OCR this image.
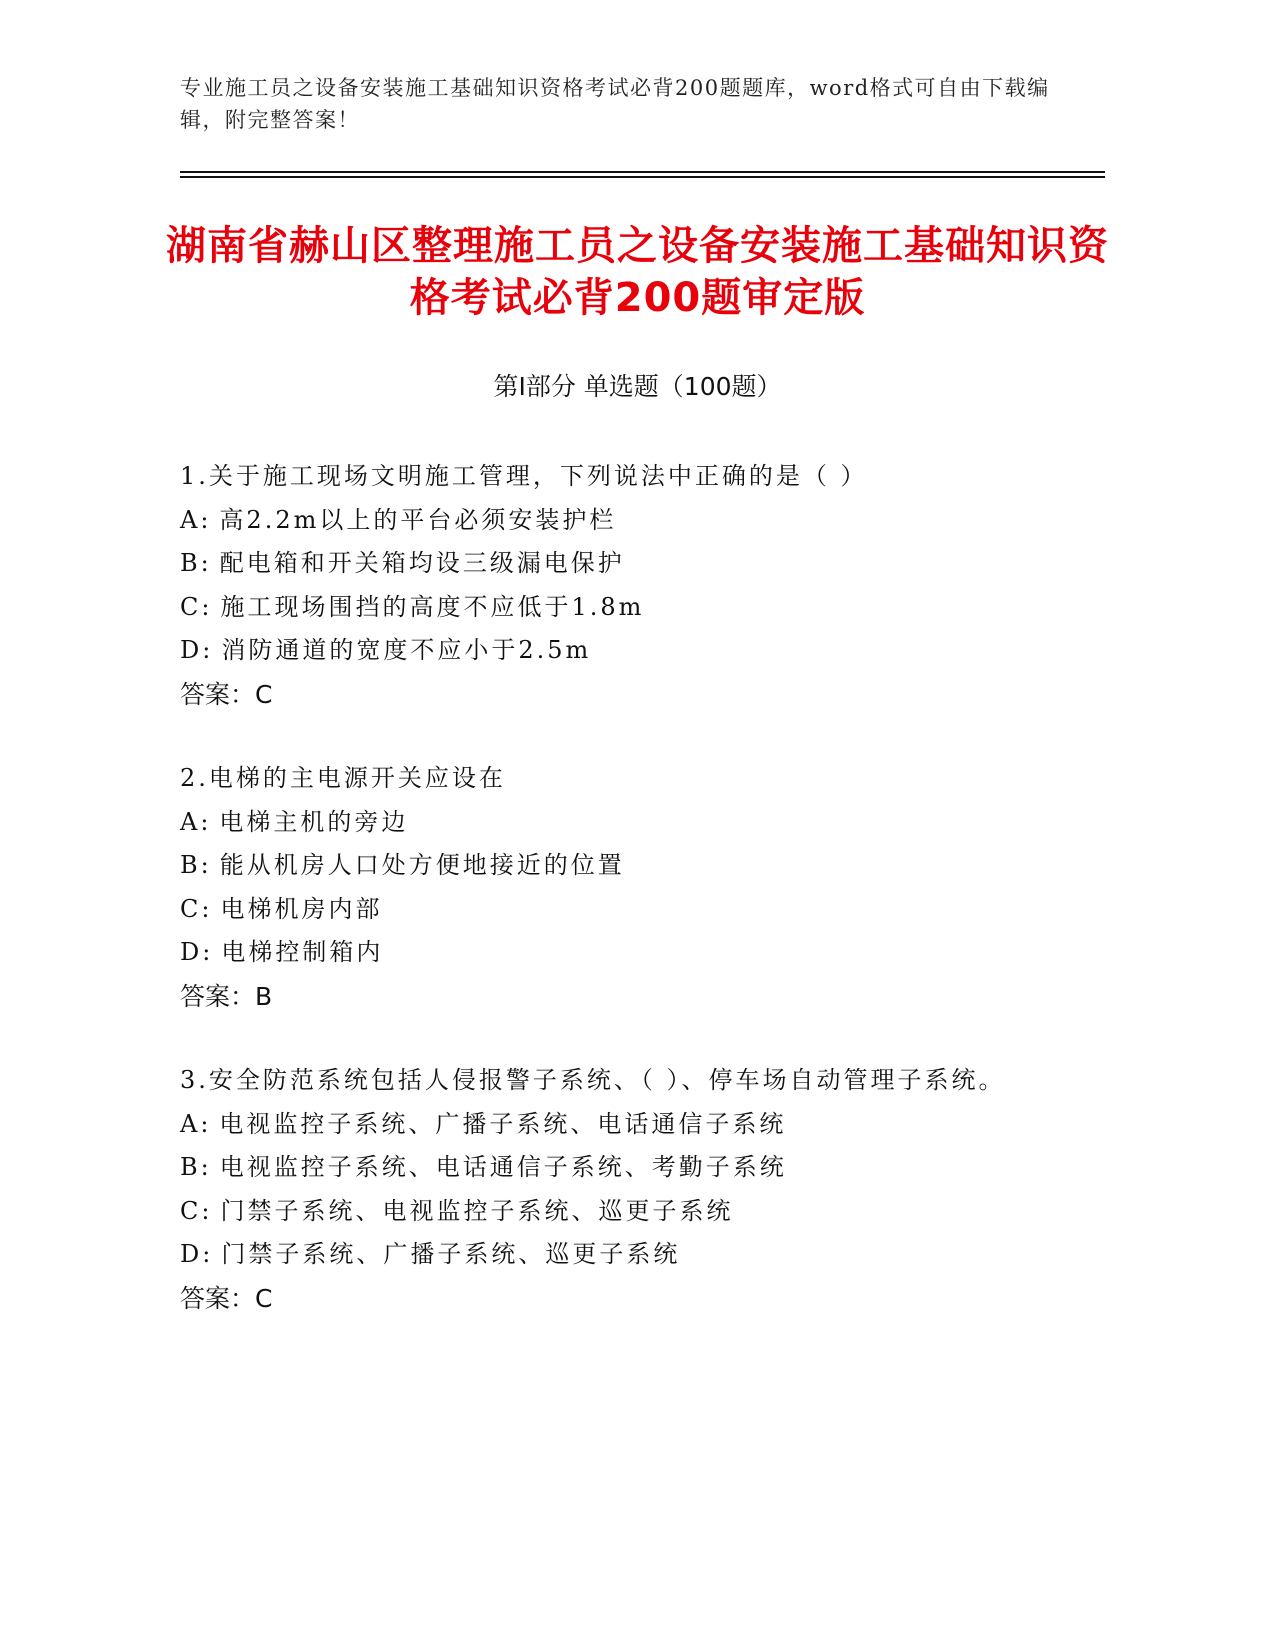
专业施工员之设备安装施工基础知识资格考试必背200题题库，word格式可自由下载编辑，附完整答案！
湖南省赫山区整理施工员之设备安装施工基础知识资格考试必背200题审定版
第Ⅰ部分 单选题（100题）
1.关于施工现场文明施工管理，下列说法中正确的是（ ）
A: 高2.2m以上的平台必须安装护栏
B: 配电箱和开关箱均设三级漏电保护
C: 施工现场围挡的高度不应低于1.8m
D: 消防通道的宽度不应小于2.5m
答案：C
2.电梯的主电源开关应设在
A: 电梯主机的旁边
B: 能从机房人口处方便地接近的位置
C: 电梯机房内部
D: 电梯控制箱内
答案：B
3.安全防范系统包括人侵报警子系统、（ ）、停车场自动管理子系统。
A: 电视监控子系统、广播子系统、电话通信子系统
B: 电视监控子系统、电话通信子系统、考勤子系统
C: 门禁子系统、电视监控子系统、巡更子系统
D: 门禁子系统、广播子系统、巡更子系统
答案：C
